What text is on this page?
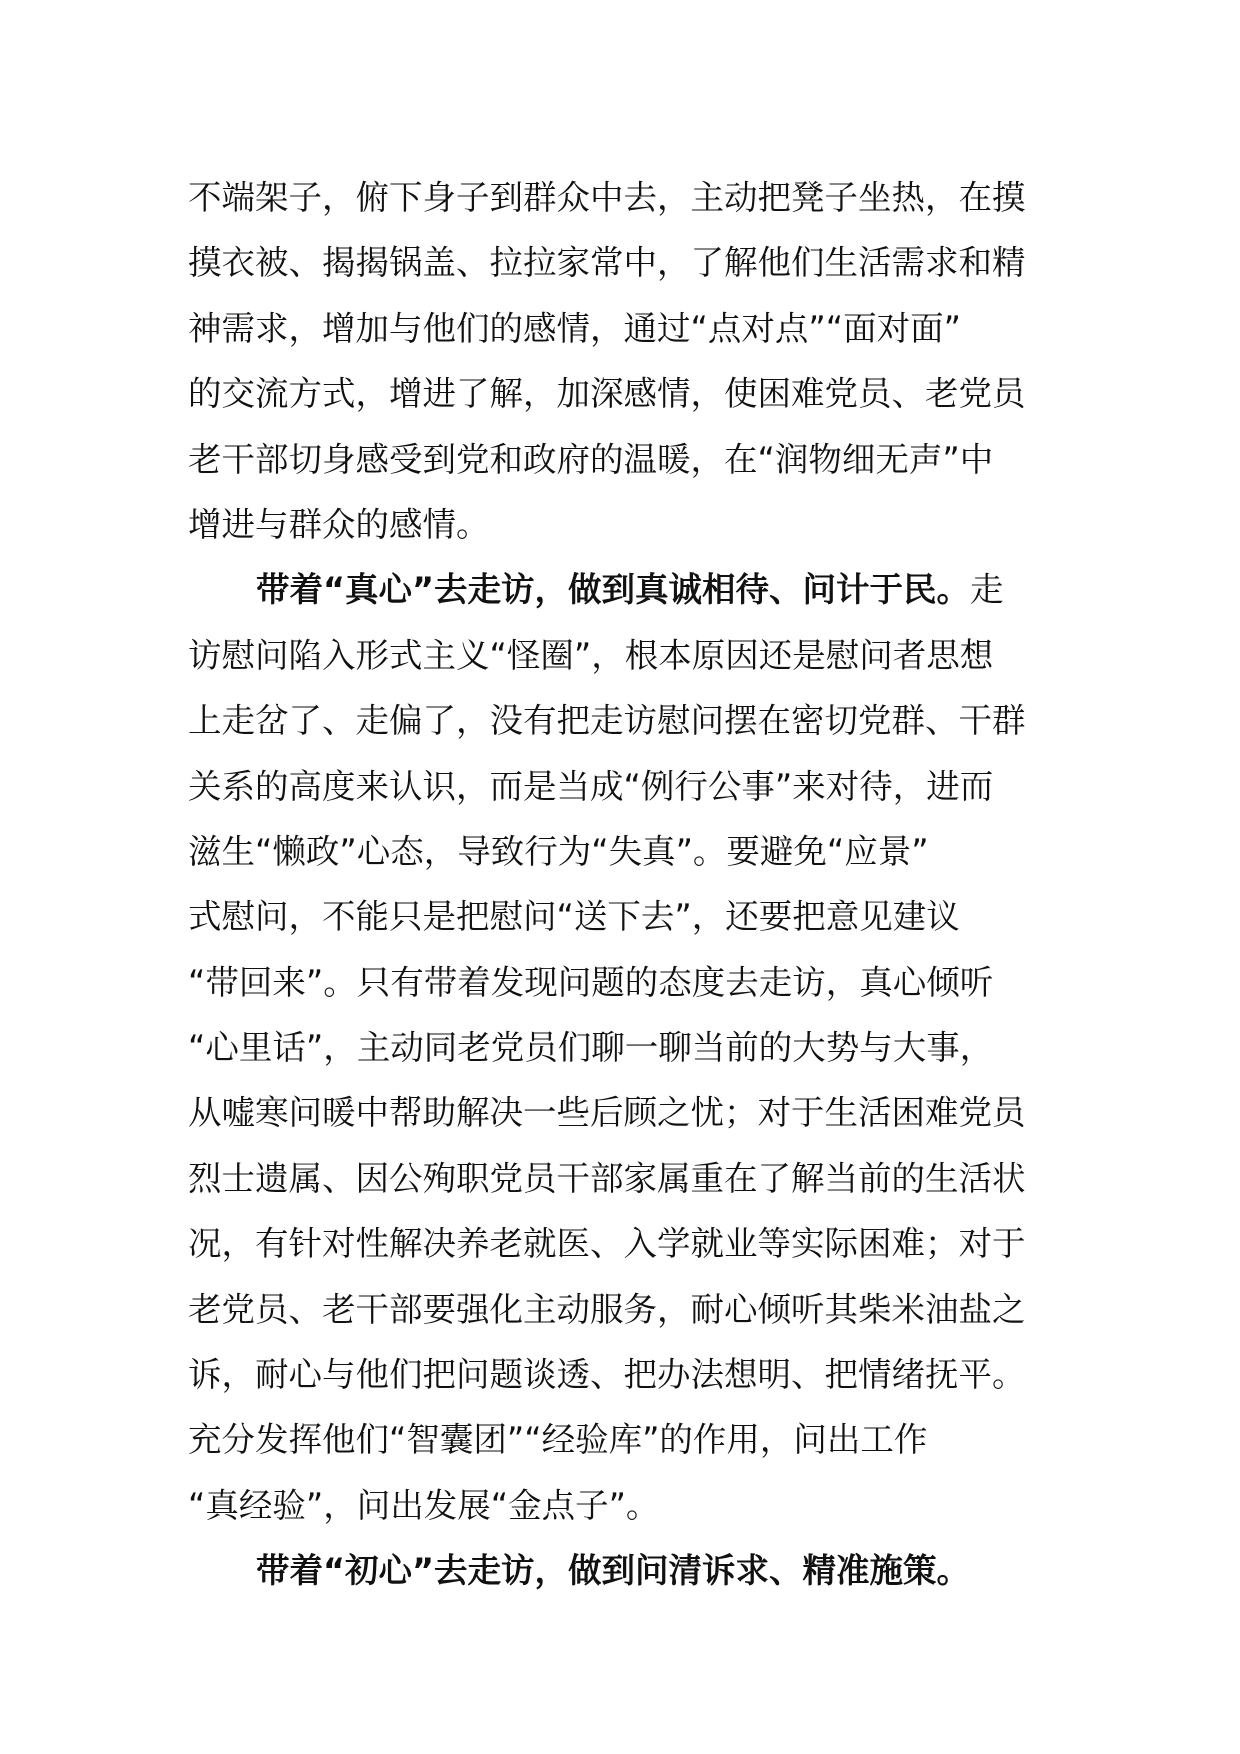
不端架子，俯下身子到群众中去，主动把凳子坐热，在摸
摸衣被、揭揭锅盖、拉拉家常中，了解他们生活需求和精
神需求，增加与他们的感情，通过“点对点”“面对面”
的交流方式，增进了解，加深感情，使困难党员、老党员
老干部切身感受到党和政府的温暖，在“润物细无声”中
增进与群众的感情。
带着“真心”去走访，做到真诚相待、问计于民。走
访慰问陷入形式主义“怪圈”，根本原因还是慰问者思想
上走岔了、走偏了，没有把走访慰问摆在密切党群、干群
关系的高度来认识，而是当成“例行公事”来对待，进而
滋生“懒政”心态，导致行为“失真”。要避免“应景”
式慰问，不能只是把慰问“送下去”，还要把意见建议
“带回来”。只有带着发现问题的态度去走访，真心倾听
“心里话”，主动同老党员们聊一聊当前的大势与大事，
从嘘寒问暖中帮助解决一些后顾之忧；对于生活困难党员
烈士遗属、因公殉职党员干部家属重在了解当前的生活状
况，有针对性解决养老就医、入学就业等实际困难；对于
老党员、老干部要强化主动服务，耐心倾听其柴米油盐之
诉，耐心与他们把问题谈透、把办法想明、把情绪抚平。
充分发挥他们“智囊团”“经验库”的作用，问出工作
“真经验”，问出发展“金点子”。
带着“初心”去走访，做到问清诉求、精准施策。
